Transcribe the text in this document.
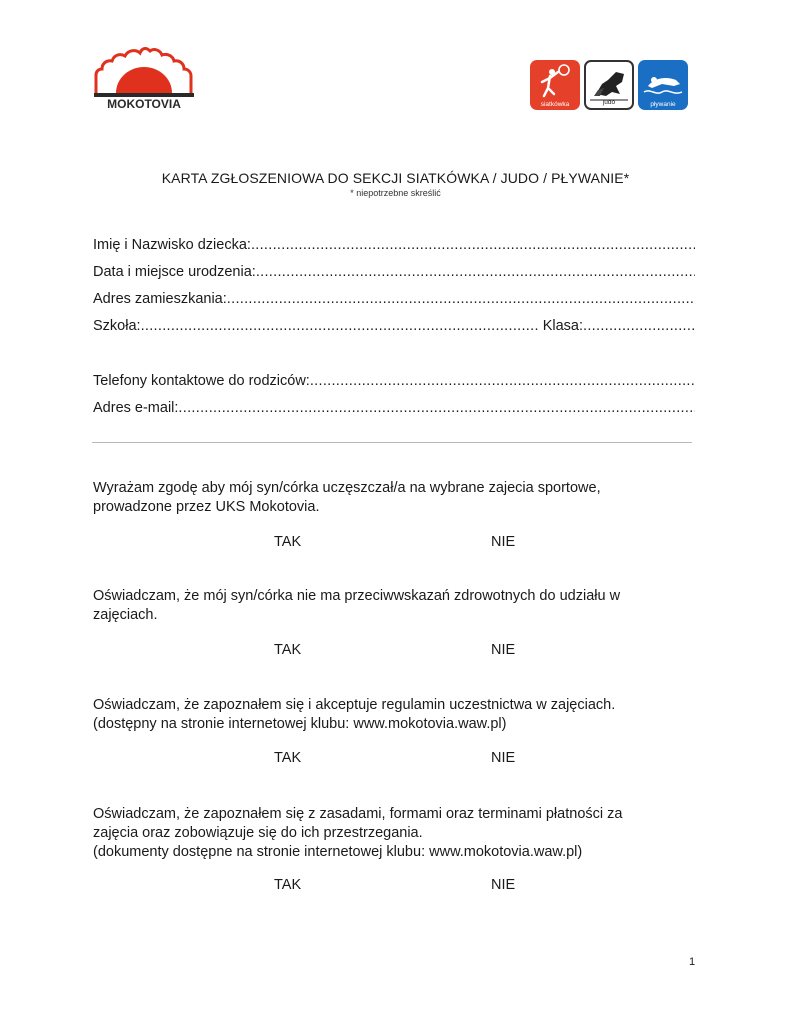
MOKOTOVIA	siatkówka	judo	pływanie
KARTA ZGŁOSZENIOWA DO SEKCJI SIATKÓWKA / JUDO / PŁYWANIE*
* niepotrzebne skreślić
Imię i Nazwisko dziecka:
.....
Data i miejsce urodzenia:
.....
Adres zamieszkania:
.....
Szkoła:
.....	Klasa:
.....
Telefony kontaktowe do rodziców:
.....
Adres e-mail:
.....

Wyrażam zgodę aby mój syn/córka uczęszczał/a na wybrane zajecia sportowe,

prowadzone przez UKS Mokotovia.

TAK	NIE

Oświadczam, że mój syn/córka nie ma przeciwwskazań zdrowotnych do udziału w

zajęciach.

TAK	NIE

Oświadczam, że zapoznałem się i akceptuje regulamin uczestnictwa w zajęciach.

(dostępny na stronie internetowej klubu: www.mokotovia.waw.pl)

TAK	NIE

Oświadczam, że zapoznałem się z zasadami, formami oraz terminami płatności za

zajęcia oraz zobowiązuje się do ich przestrzegania.

(dokumenty dostępne na stronie internetowej klubu: www.mokotovia.waw.pl)

TAK	NIE
1
